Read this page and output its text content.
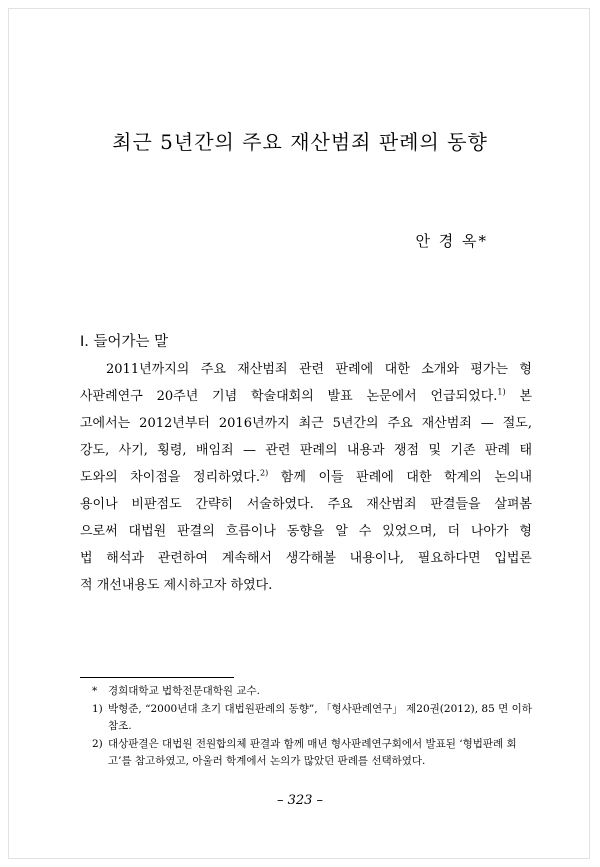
최근 5년간의 주요 재산범죄 판례의 동향
안 경 옥*
Ⅰ. 들어가는 말
2011년까지의 주요 재산범죄 관련 판례에 대한 소개와 평가는 형
사판례연구 20주년 기념 학술대회의 발표 논문에서 언급되었다.$^{1)}$ 본
고에서는 2012년부터 2016년까지 최근 5년간의 주요 재산범죄 — 절도,
강도, 사기, 횡령, 배임죄 — 관련 판례의 내용과 쟁점 및 기존 판례 태
도와의 차이점을 정리하였다.$^{2)}$ 함께 이들 판례에 대한 학계의 논의내
용이나 비판점도 간략히 서술하였다. 주요 재산범죄 판결들을 살펴봄
으로써 대법원 판결의 흐름이나 동향을 알 수 있었으며, 더 나아가 형
법 해석과 관련하여 계속해서 생각해볼 내용이나, 필요하다면 입법론
적 개선내용도 제시하고자 하였다.
*	경희대학교 법학전문대학원 교수.
1) 박형준, “2000년대 초기 대법원판례의 동향”, 「형사판례연구」 제20권(2012), 85 면 이하 참조.
2) 대상판결은 대법원 전원합의체 판결과 함께 매년 형사판례연구회에서 발표된 ‘형법판례 회고’를 참고하였고, 아울러 학계에서 논의가 많았던 판례를 선택하였다.
– 323 –
